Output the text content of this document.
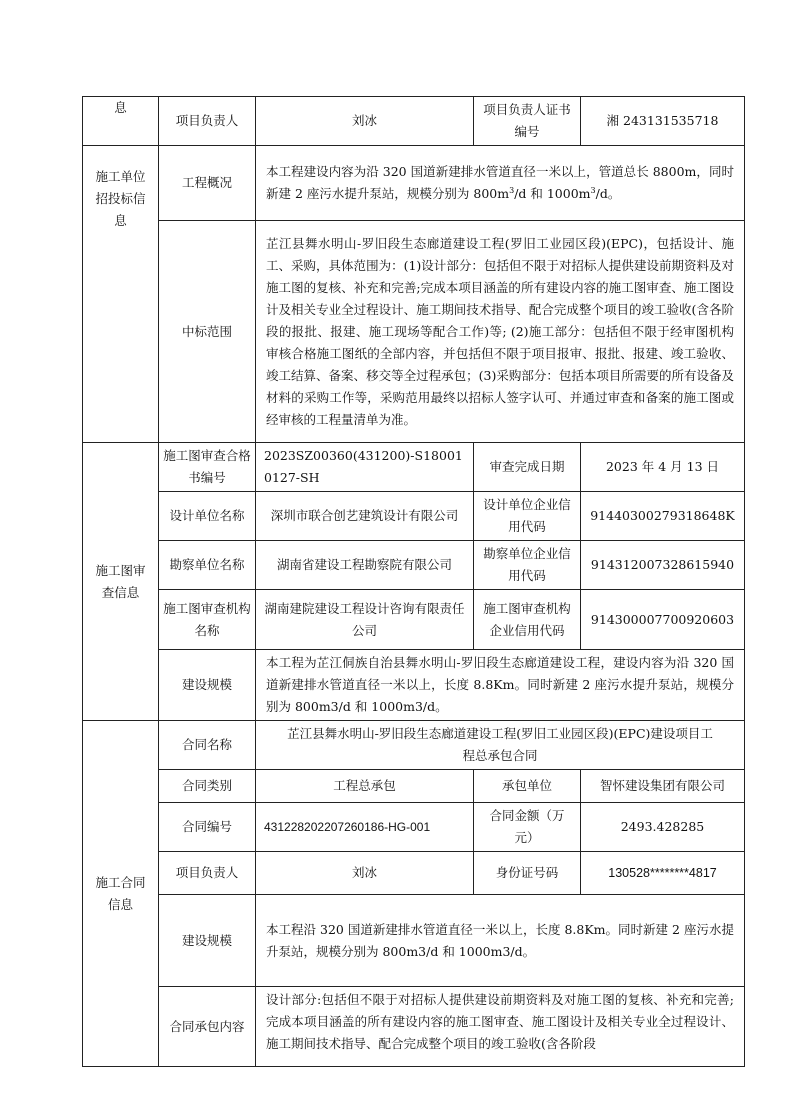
息	项目负责人	刘冰	项目负责人证书编号	湘 243131535718
施工单位招投标信息	工程概况	本工程建设内容为沿 320 国道新建排水管道直径一米以上，管道总长 8800m，同时新建 2 座污水提升泵站，规模分别为 $800m^3/d$ 和 $1000m^3/d$。		
	中标范围	芷江县舞水明山-罗旧段生态廊道建设工程(罗旧工业园区段)(EPC)，包括设计、施工、采购，具体范围为：(1)设计部分：包括但不限于对招标人提供建设前期资料及对施工图的复核、补充和完善;完成本项目涵盖的所有建设内容的施工图审查、施工图设计及相关专业全过程设计、施工期间技术指导、配合完成整个项目的竣工验收(含各阶段的报批、报建、施工现场等配合工作)等; (2)施工部分：包括但不限于经审图机构审核合格施工图纸的全部内容，并包括但不限于项目报审、报批、报建、竣工验收、竣工结算、备案、移交等全过程承包；(3)采购部分：包括本项目所需要的所有设备及材料的采购工作等，采购范用最终以招标人签字认可、并通过审查和备案的施工图或经审核的工程量清单为准。		
施工图审查信息	施工图审查合格书编号	2023SZ00360(431200)-S180010127-SH	审查完成日期	2023 年 4 月 13 日
	设计单位名称	深圳市联合创艺建筑设计有限公司	设计单位企业信用代码	91440300279318648K
	勘察单位名称	湖南省建设工程勘察院有限公司	勘察单位企业信用代码	914312007328615940
	施工图审查机构名称	湖南建院建设工程设计咨询有限责任公司	施工图审查机构企业信用代码	914300007700920603
	建设规模	本工程为芷江侗族自治县舞水明山-罗旧段生态廊道建设工程，建设内容为沿 320 国道新建排水管道直径一米以上，长度 8.8Km。同时新建 2 座污水提升泵站，规模分别为 800m3/d 和 1000m3/d。		
施工合同信息	合同名称	芷江县舞水明山-罗旧段生态廊道建设工程(罗旧工业园区段)(EPC)建设项目工程总承包合同		
	合同类别	工程总承包	承包单位	智怀建设集团有限公司
	合同编号	431228202207260186-HG-001	合同金额（万元）	2493.428285
	项目负责人	刘冰	身份证号码	130528********4817
	建设规模	本工程沿 320 国道新建排水管道直径一米以上，长度 8.8Km。同时新建 2 座污水提升泵站，规模分别为 800m3/d 和 1000m3/d。		
	合同承包内容	设计部分:包括但不限于对招标人提供建设前期资料及对施工图的复核、补充和完善;完成本项目涵盖的所有建设内容的施工图审查、施工图设计及相关专业全过程设计、施工期间技术指导、配合完成整个项目的竣工验收(含各阶段		
